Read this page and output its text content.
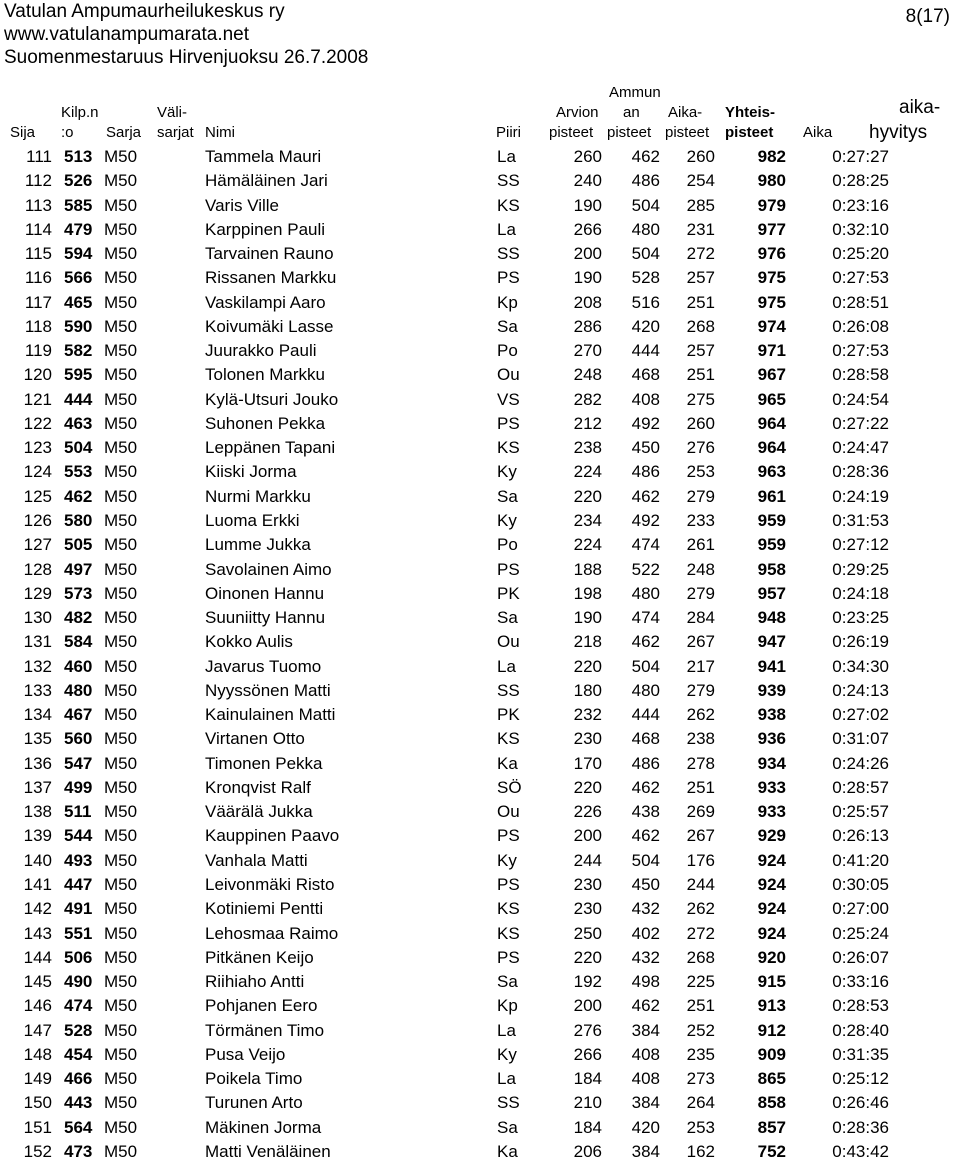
Vatulan Ampumaurheilukeskus ry
www.vatulanampumarata.net
Suomenmestaruus Hirvenjuoksu 26.7.2008
8(17)
Sija
Kilp.n
:o Sarja
Väli-
sarjat Nimi	Piiri
Arvion
pisteet
Ammun
an
pisteet
Aika-
pisteet
Yhteis-
pisteet Aika
aika-
hyvitys
111 513 M50	Tammela Mauri	La	260	462	260	982	0:27:27
112 526 M50	Hämäläinen Jari	SS	240	486	254	980	0:28:25
113 585 M50	Varis Ville	KS	190	504	285	979	0:23:16
114 479 M50	Karppinen Pauli	La	266	480	231	977	0:32:10
115 594 M50	Tarvainen Rauno	SS	200	504	272	976	0:25:20
116 566 M50	Rissanen Markku	PS	190	528	257	975	0:27:53
117 465 M50	Vaskilampi Aaro	Kp	208	516	251	975	0:28:51
118 590 M50	Koivumäki Lasse	Sa	286	420	268	974	0:26:08
119 582 M50	Juurakko Pauli	Po	270	444	257	971	0:27:53
120 595 M50	Tolonen Markku	Ou	248	468	251	967	0:28:58
121 444 M50	Kylä-Utsuri Jouko	VS	282	408	275	965	0:24:54
122 463 M50	Suhonen Pekka	PS	212	492	260	964	0:27:22
123 504 M50	Leppänen Tapani	KS	238	450	276	964	0:24:47
124 553 M50	Kiiski Jorma	Ky	224	486	253	963	0:28:36
125 462 M50	Nurmi Markku	Sa	220	462	279	961	0:24:19
126 580 M50	Luoma Erkki	Ky	234	492	233	959	0:31:53
127 505 M50	Lumme Jukka	Po	224	474	261	959	0:27:12
128 497 M50	Savolainen Aimo	PS	188	522	248	958	0:29:25
129 573 M50	Oinonen Hannu	PK	198	480	279	957	0:24:18
130 482 M50	Suuniitty Hannu	Sa	190	474	284	948	0:23:25
131 584 M50	Kokko Aulis	Ou	218	462	267	947	0:26:19
132 460 M50	Javarus Tuomo	La	220	504	217	941	0:34:30
133 480 M50	Nyyssönen Matti	SS	180	480	279	939	0:24:13
134 467 M50	Kainulainen Matti	PK	232	444	262	938	0:27:02
135 560 M50	Virtanen Otto	KS	230	468	238	936	0:31:07
136 547 M50	Timonen Pekka	Ka	170	486	278	934	0:24:26
137 499 M50	Kronqvist Ralf	SÖ	220	462	251	933	0:28:57
138 511 M50	Väärälä Jukka	Ou	226	438	269	933	0:25:57
139 544 M50	Kauppinen Paavo	PS	200	462	267	929	0:26:13
140 493 M50	Vanhala Matti	Ky	244	504	176	924	0:41:20
141 447 M50	Leivonmäki Risto	PS	230	450	244	924	0:30:05
142 491 M50	Kotiniemi Pentti	KS	230	432	262	924	0:27:00
143 551 M50	Lehosmaa Raimo	KS	250	402	272	924	0:25:24
144 506 M50	Pitkänen Keijo	PS	220	432	268	920	0:26:07
145 490 M50	Riihiaho Antti	Sa	192	498	225	915	0:33:16
146 474 M50	Pohjanen Eero	Kp	200	462	251	913	0:28:53
147 528 M50	Törmänen Timo	La	276	384	252	912	0:28:40
148 454 M50	Pusa Veijo	Ky	266	408	235	909	0:31:35
149 466 M50	Poikela Timo	La	184	408	273	865	0:25:12
150 443 M50	Turunen Arto	SS	210	384	264	858	0:26:46
151 564 M50	Mäkinen Jorma	Sa	184	420	253	857	0:28:36
152 473 M50	Matti Venäläinen	Ka	206	384	162	752	0:43:42
